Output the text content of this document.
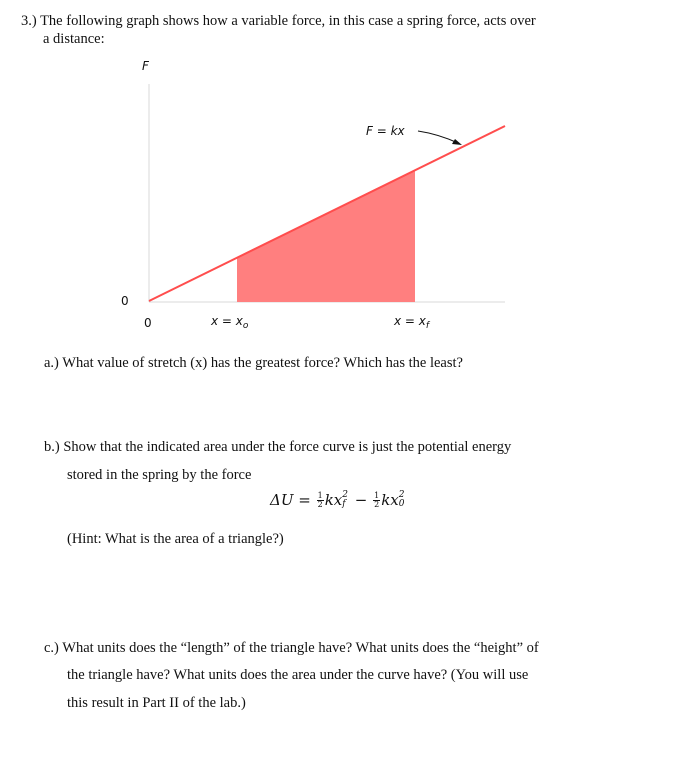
3.) The following graph shows how a variable force, in this case a spring force, acts over
a distance:
F
0
0	$x = x_o$	$x = x_f$
F = kx
a.) What value of stretch (x) has the greatest force? Which has the least?
b.) Show that the indicated area under the force curve is just the potential energy
stored in the spring by the force
$\Delta U = \frac{1}{2}$ kx 2
$f - \frac{1}{2}$ kx 2
0
(Hint: What is the area of a triangle?)
c.) What units does the “length” of the triangle have? What units does the “height” of
the triangle have? What units does the area under the curve have? (You will use
this result in Part II of the lab.)
